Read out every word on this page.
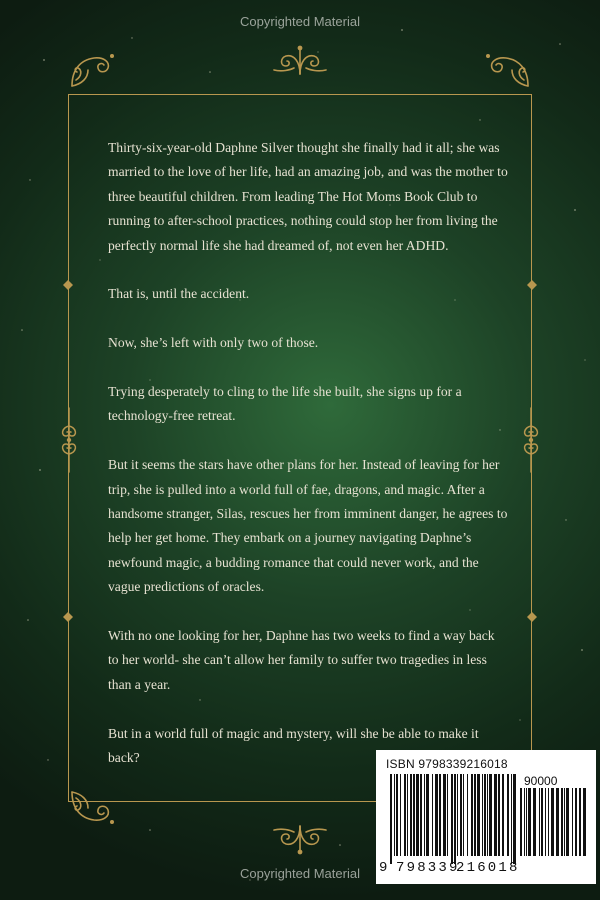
Copyrighted Material

Thirty-six-year-old Daphne Silver thought she finally had it all; she was married to the love of her life, had an amazing job, and was the mother to three beautiful children. From leading The Hot Moms Book Club to running to after-school practices, nothing could stop her from living the perfectly normal life she had dreamed of, not even her ADHD.

That is, until the accident.

Now, she’s left with only two of those.

Trying desperately to cling to the life she built, she signs up for a technology-free retreat.

But it seems the stars have other plans for her. Instead of leaving for her trip, she is pulled into a world full of fae, dragons, and magic. After a handsome stranger, Silas, rescues her from imminent danger, he agrees to help her get home. They embark on a journey navigating Daphne’s newfound magic, a budding romance that could never work, and the vague predictions of oracles.

With no one looking for her, Daphne has two weeks to find a way back to her world- she can’t allow her family to suffer two tragedies in less than a year.

But in a world full of magic and mystery, will she be able to make it back?	ISBN 9798339216018
90000
9 798339
216018
Copyrighted Material
